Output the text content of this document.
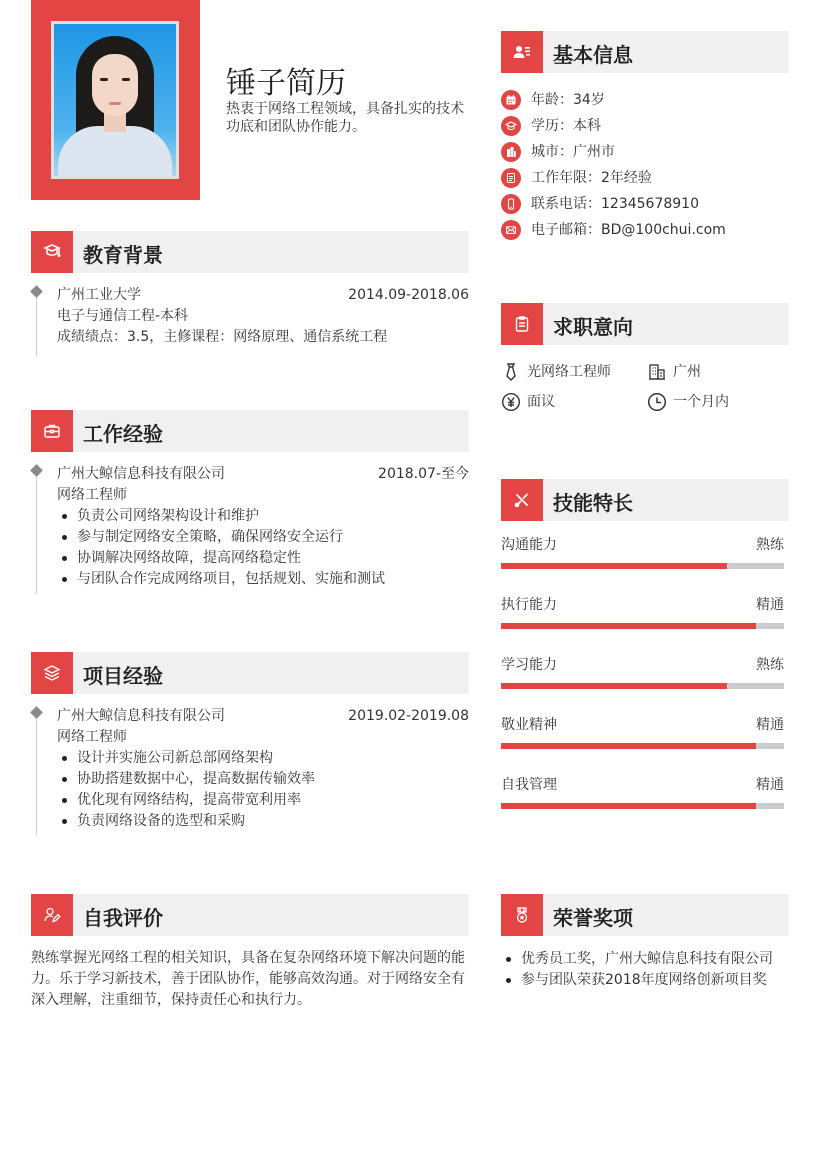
锤子简历
热衷于网络工程领域，具备扎实的技术功底和团队协作能力。
基本信息
年龄：34岁
学历：本科
城市：广州市
工作年限：2年经验
联系电话：12345678910
电子邮箱：BD@100chui.com
教育背景
广州工业大学	2014.09-2018.06
电子与通信工程-本科
成绩绩点：3.5，主修课程：网络原理、通信系统工程
工作经验
广州大鲸信息科技有限公司	2018.07-至今
网络工程师
负责公司网络架构设计和维护
参与制定网络安全策略，确保网络安全运行
协调解决网络故障，提高网络稳定性
与团队合作完成网络项目，包括规划、实施和测试
项目经验
广州大鲸信息科技有限公司	2019.02-2019.08
网络工程师
设计并实施公司新总部网络架构
协助搭建数据中心，提高数据传输效率
优化现有网络结构，提高带宽利用率
负责网络设备的选型和采购
求职意向
光网络工程师	广州
面议	一个月内
技能特长
沟通能力	熟练
执行能力	精通
学习能力	熟练
敬业精神	精通
自我管理	精通
自我评价
熟练掌握光网络工程的相关知识，具备在复杂网络环境下解决问题的能力。乐于学习新技术，善于团队协作，能够高效沟通。对于网络安全有深入理解，注重细节，保持责任心和执行力。
荣誉奖项
优秀员工奖，广州大鲸信息科技有限公司
参与团队荣获2018年度网络创新项目奖
